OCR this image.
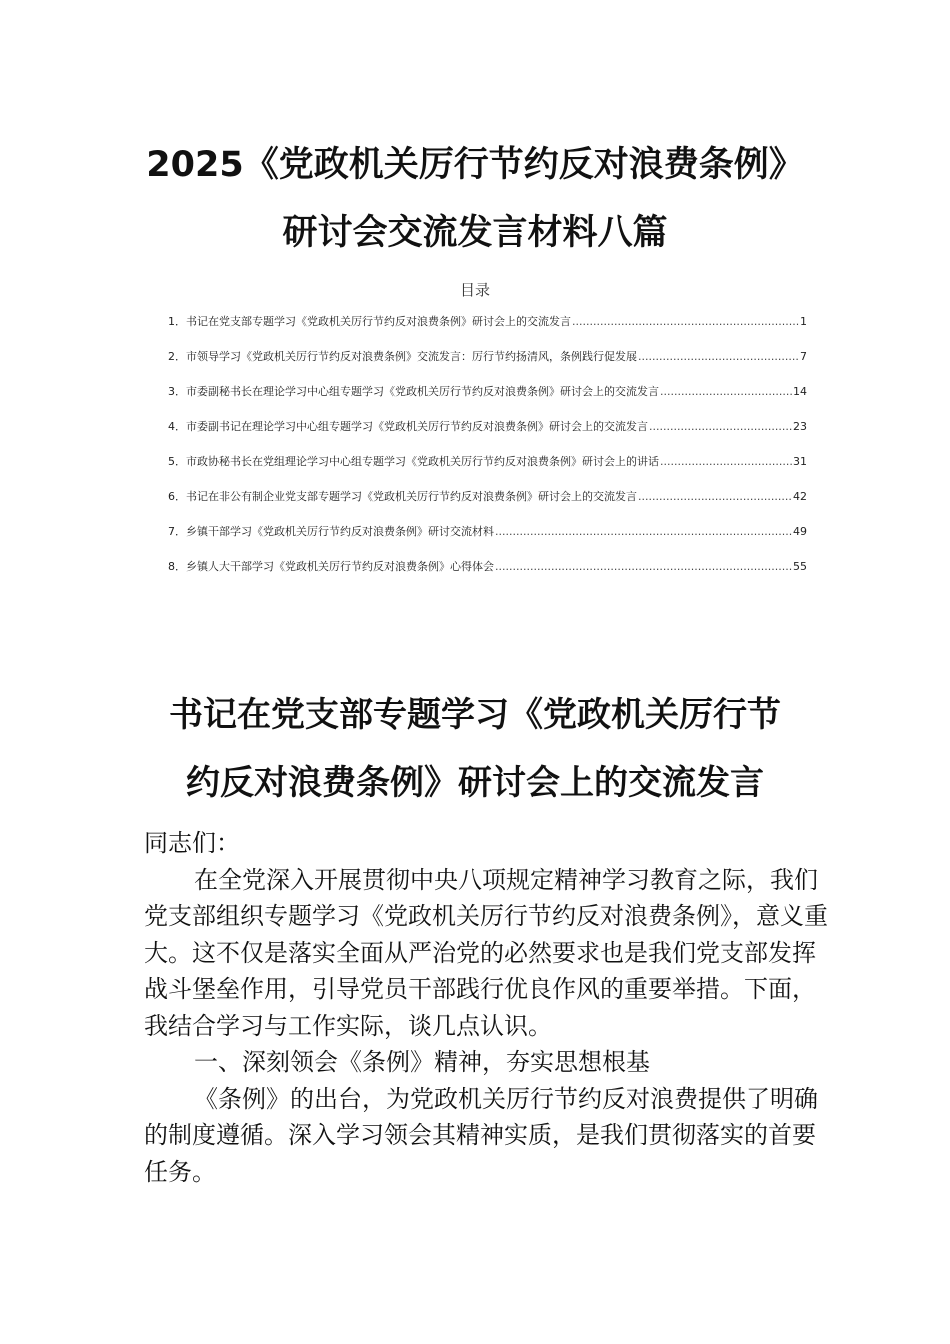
2025《党政机关厉行节约反对浪费条例》
研讨会交流发言材料八篇
目录
1．书记在党支部专题学习《党政机关厉行节约反对浪费条例》研讨会上的交流发言 .....	1
2．市领导学习《党政机关厉行节约反对浪费条例》交流发言：厉行节约扬清风，条例践行促发展 .....	7
3．市委副秘书长在理论学习中心组专题学习《党政机关厉行节约反对浪费条例》研讨会上的交流发言 .....	14
4．市委副书记在理论学习中心组专题学习《党政机关厉行节约反对浪费条例》研讨会上的交流发言 .....	23
5．市政协秘书长在党组理论学习中心组专题学习《党政机关厉行节约反对浪费条例》研讨会上的讲话 .....	31
6．书记在非公有制企业党支部专题学习《党政机关厉行节约反对浪费条例》研讨会上的交流发言 .....	42
7．乡镇干部学习《党政机关厉行节约反对浪费条例》研讨交流材料 .....	49
8．乡镇人大干部学习《党政机关厉行节约反对浪费条例》心得体会 .....	55
书记在党支部专题学习《党政机关厉行节
约反对浪费条例》研讨会上的交流发言

同志们：

在全党深入开展贯彻中央八项规定精神学习教育之际，我们党支部组织专题学习《党政机关厉行节约反对浪费条例》，意义重大。这不仅是落实全面从严治党的必然要求也是我们党支部发挥战斗堡垒作用，引导党员干部践行优良作风的重要举措。下面，我结合学习与工作实际，谈几点认识。

一、深刻领会《条例》精神，夯实思想根基

《条例》的出台，为党政机关厉行节约反对浪费提供了明确的制度遵循。深入学习领会其精神实质，是我们贯彻落实的首要任务。
